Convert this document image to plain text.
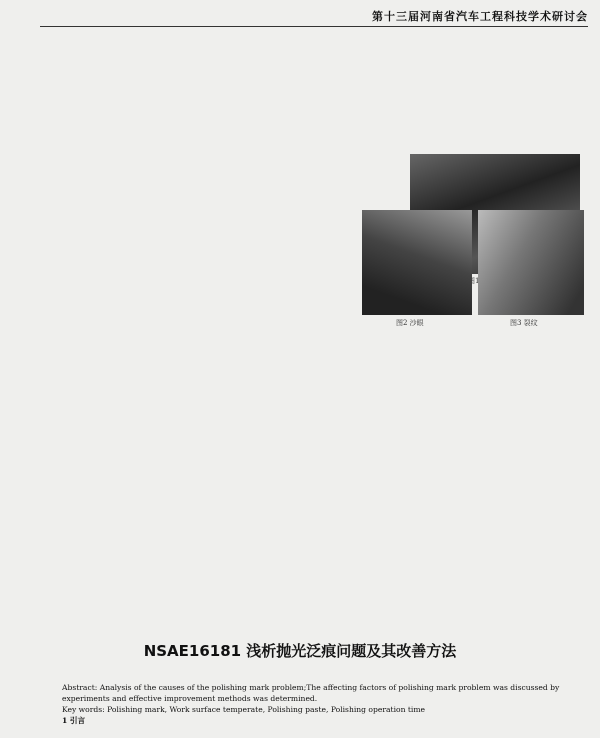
第十三届河南省汽车工程科技学术研讨会
图1
图2 沙眼	图3 裂纹
NSAE16181 浅析抛光泛痕问题及其改善方法
Abstract: Analysis of the causes of the polishing mark problem;The affecting factors of polishing mark problem was discussed by experiments and effective improvement methods was determined.
Key words: Polishing mark, Work surface temperate, Polishing paste, Polishing operation time
1 引言
